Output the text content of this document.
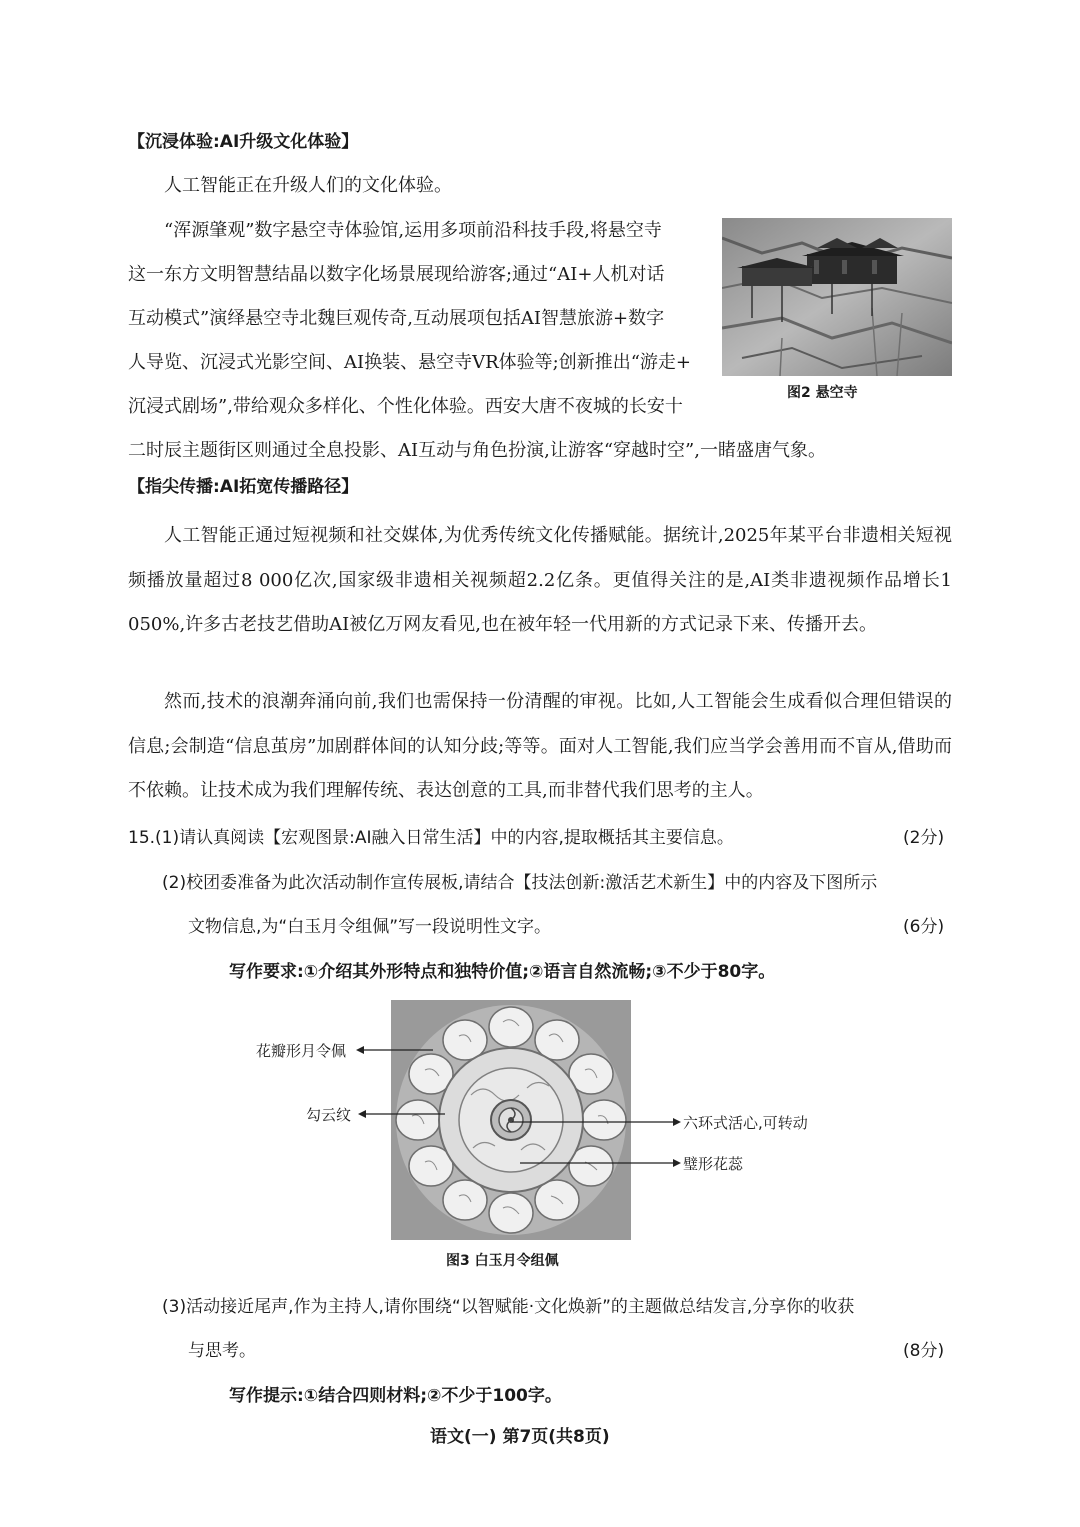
【沉浸体验:AI升级文化体验】
人工智能正在升级人们的文化体验。
“浑源肇观”数字悬空寺体验馆,运用多项前沿科技手段,将悬空寺
这一东方文明智慧结晶以数字化场景展现给游客;通过“AI+人机对话
互动模式”演绎悬空寺北魏巨观传奇,互动展项包括AI智慧旅游+数字
人导览、沉浸式光影空间、AI换装、悬空寺VR体验等;创新推出“游走+
沉浸式剧场”,带给观众多样化、个性化体验。西安大唐不夜城的长安十
二时辰主题街区则通过全息投影、AI互动与角色扮演,让游客“穿越时空”,一睹盛唐气象。
图2 悬空寺
【指尖传播:AI拓宽传播路径】

人工智能正通过短视频和社交媒体,为优秀传统文化传播赋能。据统计,2025年某平台非遗相关短视频播放量超过8 000亿次,国家级非遗相关视频超2.2亿条。更值得关注的是,AI类非遗视频作品增长1 050%,许多古老技艺借助AI被亿万网友看见,也在被年轻一代用新的方式记录下来、传播开去。

然而,技术的浪潮奔涌向前,我们也需保持一份清醒的审视。比如,人工智能会生成看似合理但错误的信息;会制造“信息茧房”加剧群体间的认知分歧;等等。面对人工智能,我们应当学会善用而不盲从,借助而不依赖。让技术成为我们理解传统、表达创意的工具,而非替代我们思考的主人。

15.(1)请认真阅读【宏观图景:AI融入日常生活】中的内容,提取概括其主要信息。	(2分)
(2)校团委准备为此次活动制作宣传展板,请结合【技法创新:激活艺术新生】中的内容及下图所示
文物信息,为“白玉月令组佩”写一段说明性文字。	(6分)
写作要求:①介绍其外形特点和独特价值;②语言自然流畅;③不少于80字。
花瓣形月令佩
勾云纹	六环式活心,可转动
璧形花蕊
图3 白玉月令组佩
(3)活动接近尾声,作为主持人,请你围绕“以智赋能·文化焕新”的主题做总结发言,分享你的收获
与思考。	(8分)
写作提示:①结合四则材料;②不少于100字。
语文(一) 第7页(共8页)
